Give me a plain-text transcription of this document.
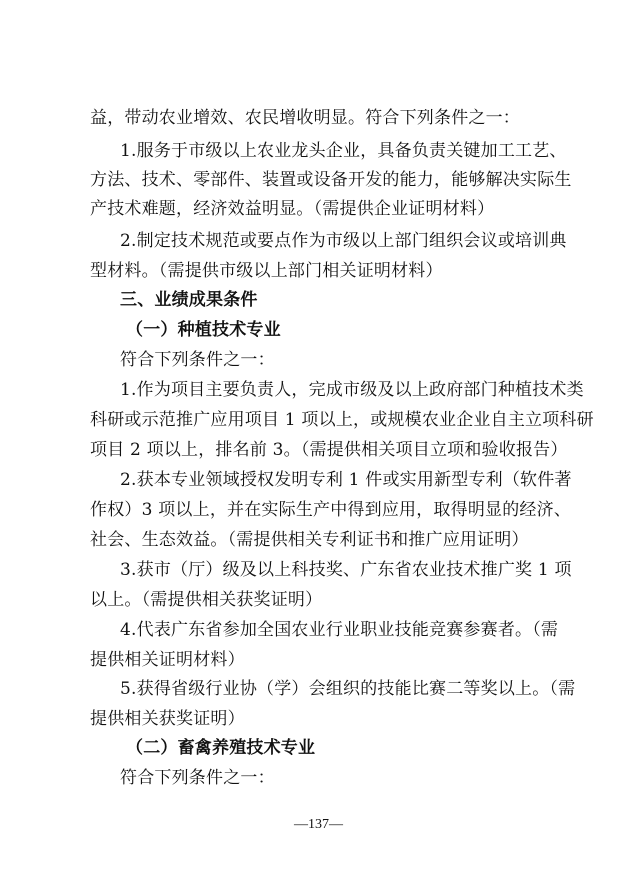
益，带动农业增效、农民增收明显。符合下列条件之一：
1.服务于市级以上农业龙头企业，具备负责关键加工工艺、
方法、技术、零部件、装置或设备开发的能力，能够解决实际生
产技术难题，经济效益明显。（需提供企业证明材料）
2.制定技术规范或要点作为市级以上部门组织会议或培训典
型材料。（需提供市级以上部门相关证明材料）
三、业绩成果条件
（一）种植技术专业
符合下列条件之一：
1.作为项目主要负责人，完成市级及以上政府部门种植技术类
科研或示范推广应用项目 1 项以上，或规模农业企业自主立项科研
项目 2 项以上，排名前 3。（需提供相关项目立项和验收报告）
2.获本专业领域授权发明专利 1 件或实用新型专利（软件著
作权）3 项以上，并在实际生产中得到应用，取得明显的经济、
社会、生态效益。（需提供相关专利证书和推广应用证明）
3.获市（厅）级及以上科技奖、广东省农业技术推广奖 1 项
以上。（需提供相关获奖证明）
4.代表广东省参加全国农业行业职业技能竞赛参赛者。（需
提供相关证明材料）
5.获得省级行业协（学）会组织的技能比赛二等奖以上。（需
提供相关获奖证明）
（二）畜禽养殖技术专业
符合下列条件之一：
—137—
